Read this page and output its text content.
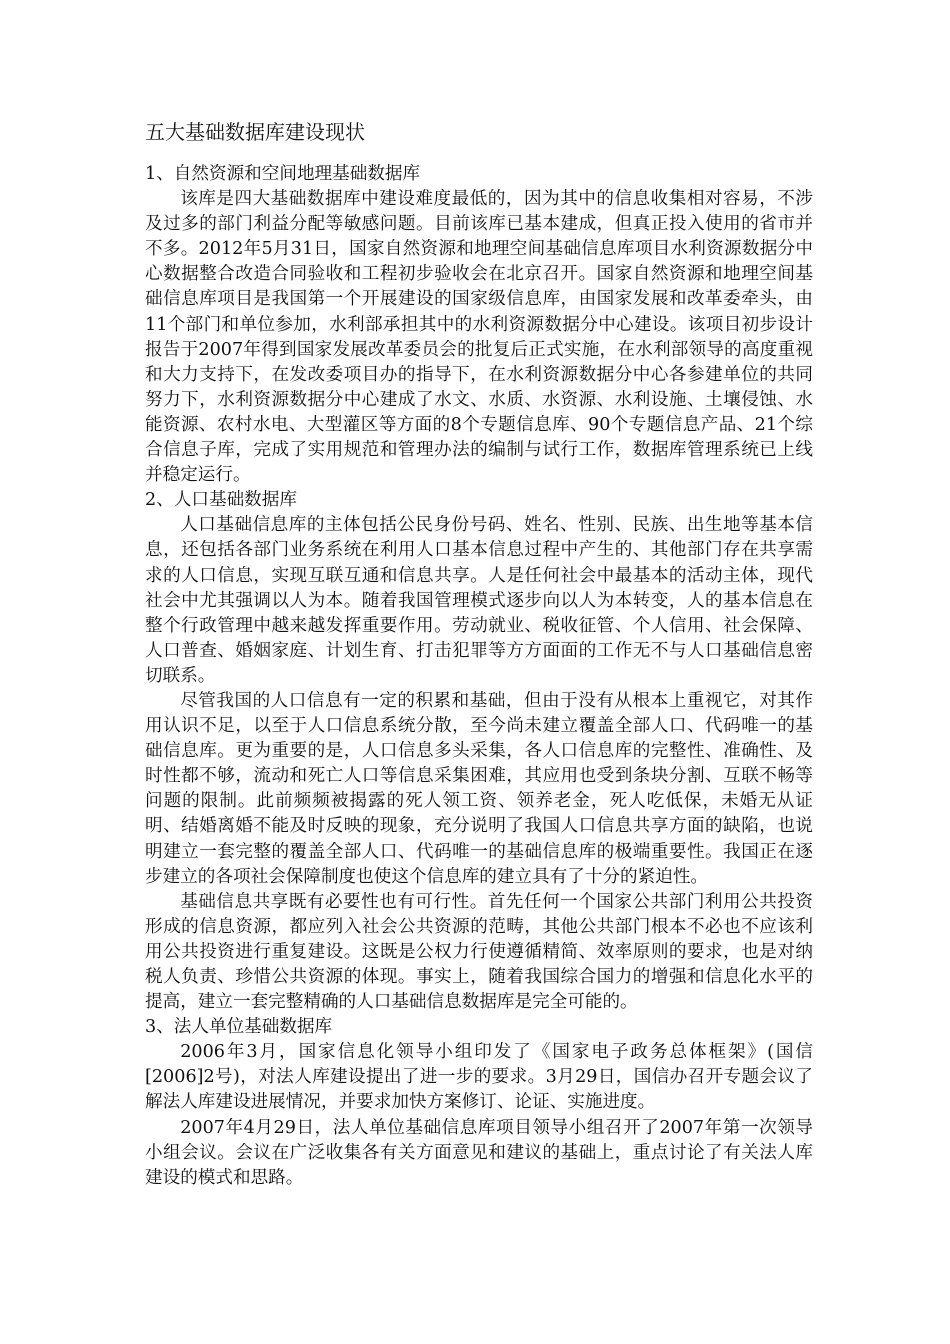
五大基础数据库建设现状
1、自然资源和空间地理基础数据库

该库是四大基础数据库中建设难度最低的，因为其中的信息收集相对容易，不涉及过多的部门利益分配等敏感问题。目前该库已基本建成，但真正投入使用的省市并不多。2012年5月31日，国家自然资源和地理空间基础信息库项目水利资源数据分中心数据整合改造合同验收和工程初步验收会在北京召开。国家自然资源和地理空间基础信息库项目是我国第一个开展建设的国家级信息库，由国家发展和改革委牵头，由11个部门和单位参加，水利部承担其中的水利资源数据分中心建设。该项目初步设计报告于2007年得到国家发展改革委员会的批复后正式实施，在水利部领导的高度重视和大力支持下，在发改委项目办的指导下，在水利资源数据分中心各参建单位的共同努力下，水利资源数据分中心建成了水文、水质、水资源、水利设施、土壤侵蚀、水能资源、农村水电、大型灌区等方面的8个专题信息库、90个专题信息产品、21个综合信息子库，完成了实用规范和管理办法的编制与试行工作，数据库管理系统已上线并稳定运行。

2、人口基础数据库

人口基础信息库的主体包括公民身份号码、姓名、性别、民族、出生地等基本信息，还包括各部门业务系统在利用人口基本信息过程中产生的、其他部门存在共享需求的人口信息，实现互联互通和信息共享。人是任何社会中最基本的活动主体，现代社会中尤其强调以人为本。随着我国管理模式逐步向以人为本转变，人的基本信息在整个行政管理中越来越发挥重要作用。劳动就业、税收征管、个人信用、社会保障、人口普查、婚姻家庭、计划生育、打击犯罪等方方面面的工作无不与人口基础信息密切联系。

尽管我国的人口信息有一定的积累和基础，但由于没有从根本上重视它，对其作用认识不足，以至于人口信息系统分散，至今尚未建立覆盖全部人口、代码唯一的基础信息库。更为重要的是，人口信息多头采集，各人口信息库的完整性、准确性、及时性都不够，流动和死亡人口等信息采集困难，其应用也受到条块分割、互联不畅等问题的限制。此前频频被揭露的死人领工资、领养老金，死人吃低保，未婚无从证明、结婚离婚不能及时反映的现象，充分说明了我国人口信息共享方面的缺陷，也说明建立一套完整的覆盖全部人口、代码唯一的基础信息库的极端重要性。我国正在逐步建立的各项社会保障制度也使这个信息库的建立具有了十分的紧迫性。

基础信息共享既有必要性也有可行性。首先任何一个国家公共部门利用公共投资形成的信息资源，都应列入社会公共资源的范畴，其他公共部门根本不必也不应该利用公共投资进行重复建设。这既是公权力行使遵循精简、效率原则的要求，也是对纳税人负责、珍惜公共资源的体现。事实上，随着我国综合国力的增强和信息化水平的提高，建立一套完整精确的人口基础信息数据库是完全可能的。

3、法人单位基础数据库

2006年3月，国家信息化领导小组印发了《国家电子政务总体框架》(国信[2006]2号)，对法人库建设提出了进一步的要求。3月29日，国信办召开专题会议了解法人库建设进展情况，并要求加快方案修订、论证、实施进度。

2007年4月29日，法人单位基础信息库项目领导小组召开了2007年第一次领导小组会议。会议在广泛收集各有关方面意见和建议的基础上，重点讨论了有关法人库建设的模式和思路。
